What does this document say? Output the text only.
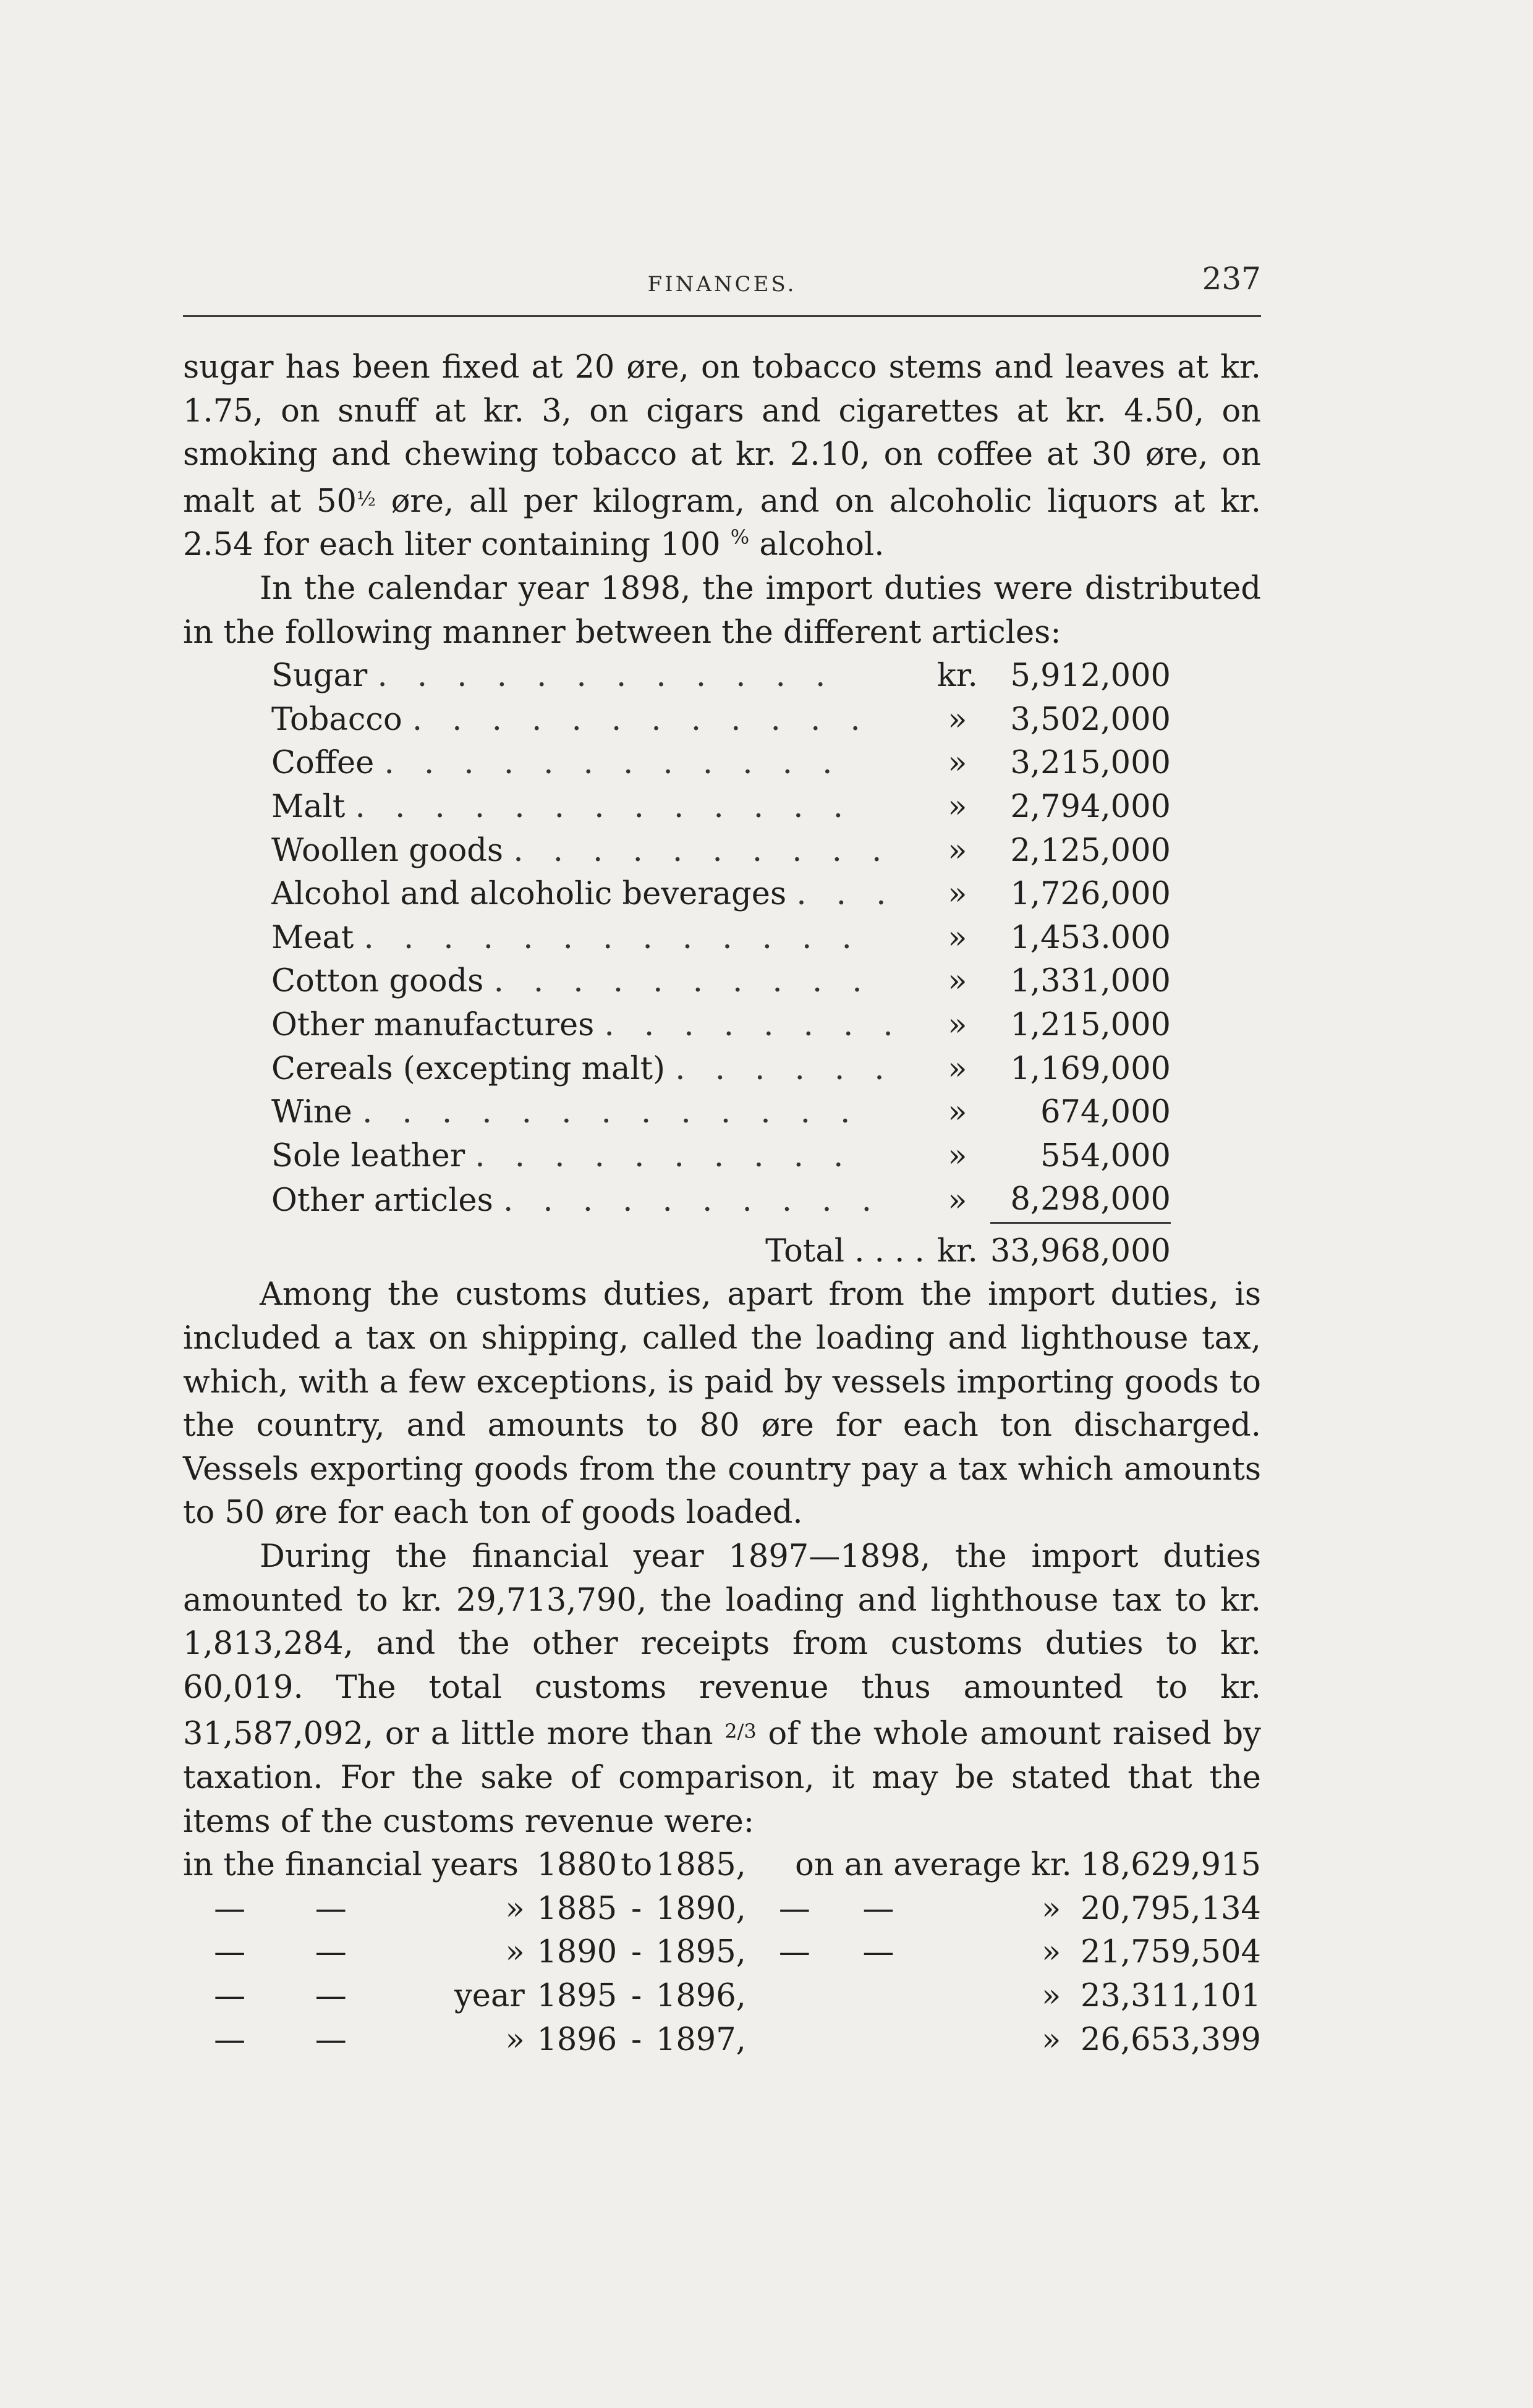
FINANCES.	237

sugar has been fixed at 20 øre, on tobacco stems and leaves at kr. 1.75, on snuff at kr. 3, on cigars and cigarettes at kr. 4.50, on smoking and chewing tobacco at kr. 2.10, on coffee at 30 øre, on malt at 50½ øre, all per kilogram, and on alcoholic liquors at kr. 2.54 for each liter containing 100 % alcohol.

In the calendar year 1898, the import duties were distributed in the following manner between the different articles:

Sugar . . . . . . . . . . . .	kr.	5,912,000
Tobacco . . . . . . . . . . . .	»	3,502,000
Coffee . . . . . . . . . . . .	»	3,215,000
Malt . . . . . . . . . . . . .	»	2,794,000
Woollen goods . . . . . . . . . .	»	2,125,000
Alcohol and alcoholic beverages . . .	»	1,726,000
Meat . . . . . . . . . . . . .	»	1,453.000
Cotton goods . . . . . . . . . .	»	1,331,000
Other manufactures . . . . . . . .	»	1,215,000
Cereals (excepting malt) . . . . . .	»	1,169,000
Wine . . . . . . . . . . . . .	»	674,000
Sole leather . . . . . . . . . .	»	554,000
Other articles . . . . . . . . . .	»	8,298,000
Total . . . .	kr.	33,968,000

Among the customs duties, apart from the import duties, is included a tax on shipping, called the loading and lighthouse tax, which, with a few exceptions, is paid by vessels importing goods to the country, and amounts to 80 øre for each ton discharged. Vessels exporting goods from the country pay a tax which amounts to 50 øre for each ton of goods loaded.

During the financial year 1897—1898, the import duties amounted to kr. 29,713,790, the loading and lighthouse tax to kr. 1,813,284, and the other receipts from customs duties to kr. 60,019. The total customs revenue thus amounted to kr. 31,587,092, or a little more than 2/3 of the whole amount raised by taxation. For the sake of comparison, it may be stated that the items of the customs revenue were:

in the financial years			1880	to	1885,	on an average			kr.	18,629,915
—	—	»	1885	-	1890,	—	—		»	20,795,134
—	—	»	1890	-	1895,	—	—		»	21,759,504
—	—	year	1895	-	1896,				»	23,311,101
—	—	»	1896	-	1897,				»	26,653,399
